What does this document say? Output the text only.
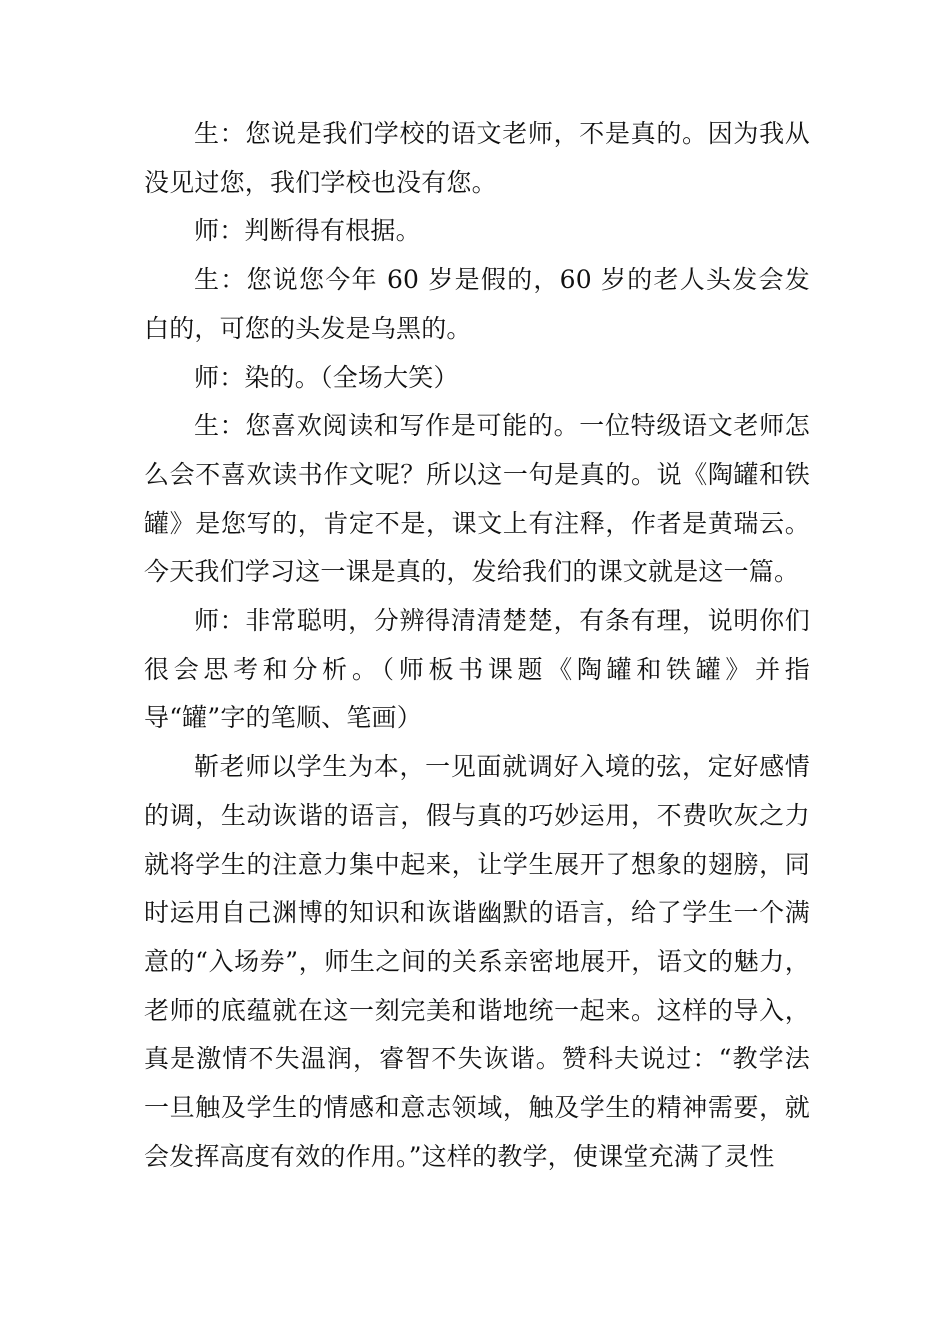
生：您说是我们学校的语文老师，不是真的。因为我从没见过您，我们学校也没有您。

师：判断得有根据。

生：您说您今年 60 岁是假的，60 岁的老人头发会发白的，可您的头发是乌黑的。

师：染的。（全场大笑）

生：您喜欢阅读和写作是可能的。一位特级语文老师怎么会不喜欢读书作文呢？所以这一句是真的。说《陶罐和铁罐》是您写的，肯定不是，课文上有注释，作者是黄瑞云。今天我们学习这一课是真的，发给我们的课文就是这一篇。

师：非常聪明，分辨得清清楚楚，有条有理，说明你们很会思考和分析。（师板书课题《陶罐和铁罐》并指导“罐”字的笔顺、笔画）

靳老师以学生为本，一见面就调好入境的弦，定好感情的调，生动诙谐的语言，假与真的巧妙运用，不费吹灰之力就将学生的注意力集中起来，让学生展开了想象的翅膀，同时运用自己渊博的知识和诙谐幽默的语言，给了学生一个满意的“入场券”，师生之间的关系亲密地展开，语文的魅力，老师的底蕴就在这一刻完美和谐地统一起来。这样的导入，真是激情不失温润，睿智不失诙谐。赞科夫说过：“教学法一旦触及学生的情感和意志领域，触及学生的精神需要，就会发挥高度有效的作用。”这样的教学，使课堂充满了灵性
